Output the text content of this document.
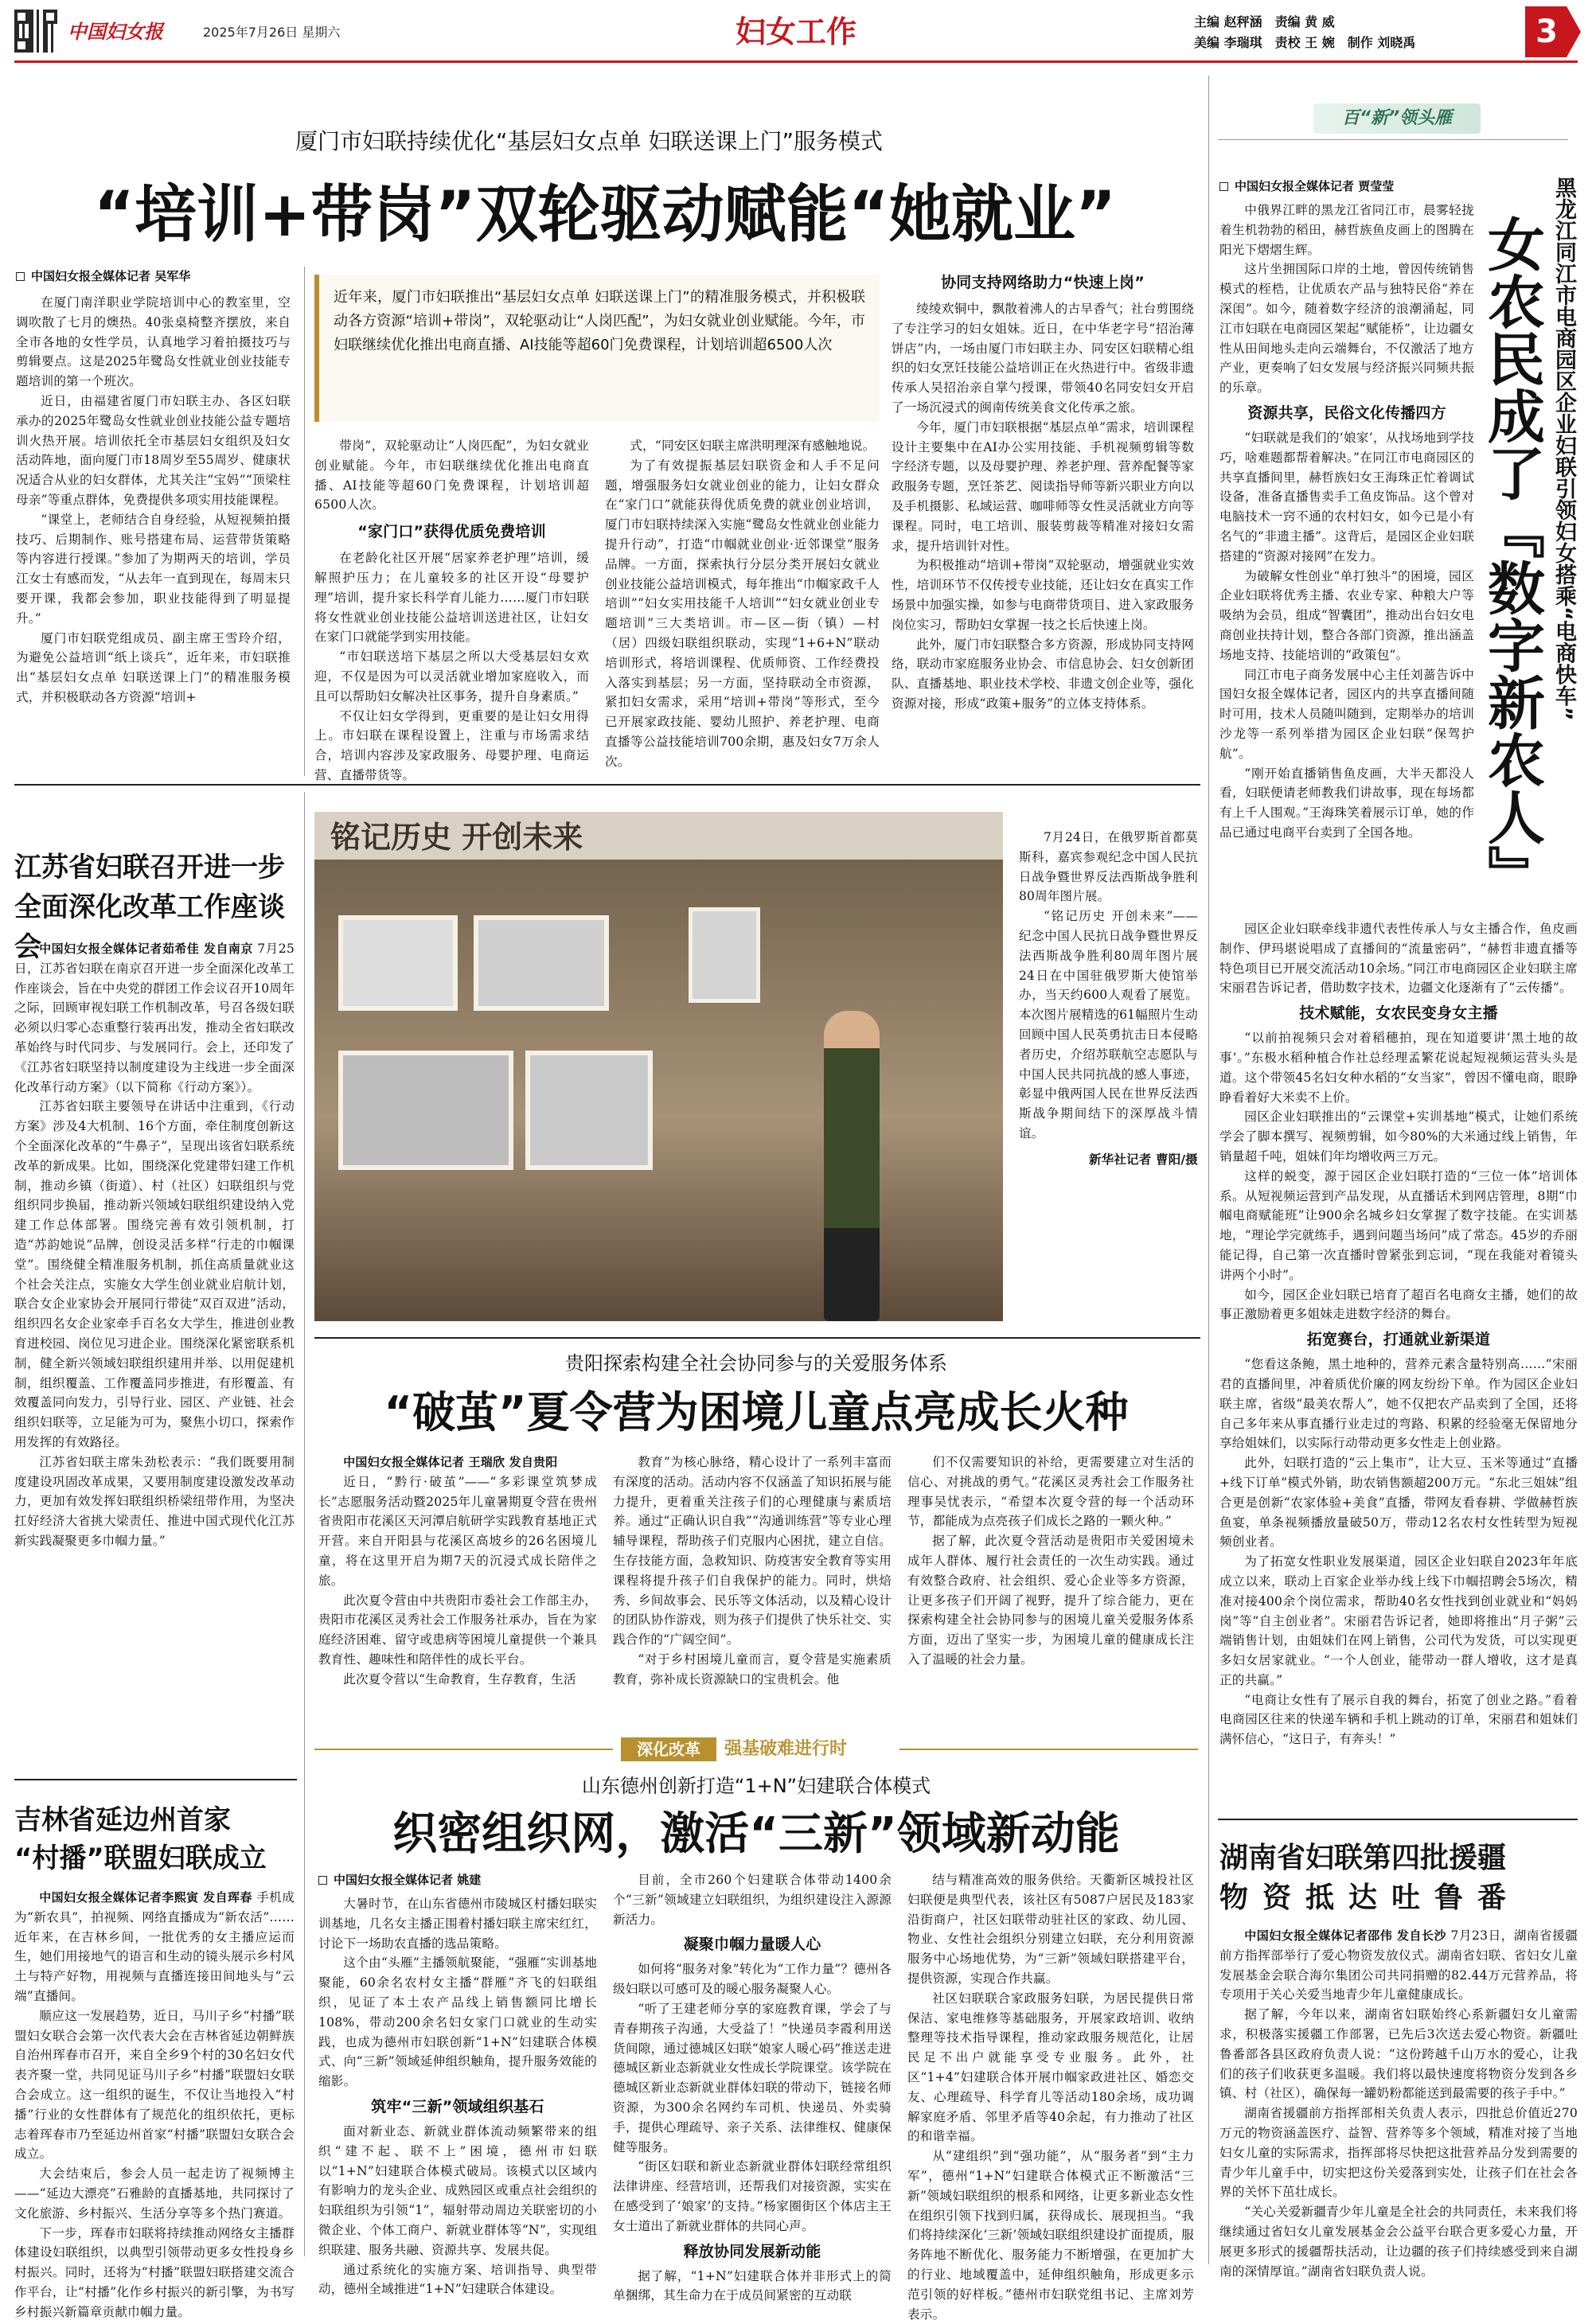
中国妇女报	2025年7月26日 星期六	妇女工作	主编 赵秤涵　责编 黄 威
美编 李瑞琪　责校 王 婉　制作 刘晓禹	3
厦门市妇联持续优化“基层妇女点单 妇联送课上门”服务模式
“培训+带岗”双轮驱动赋能“她就业”
中国妇女报全媒体记者 吴军华

在厦门南洋职业学院培训中心的教室里，空调吹散了七月的燠热。40张桌椅整齐摆放，来自全市各地的女性学员，认真地学习着拍摄技巧与剪辑要点。这是2025年鹭岛女性就业创业技能专题培训的第一个班次。

近日，由福建省厦门市妇联主办、各区妇联承办的2025年鹭岛女性就业创业技能公益专题培训火热开展。培训依托全市基层妇女组织及妇女活动阵地，面向厦门市18周岁至55周岁、健康状况适合从业的妇女群体，尤其关注“宝妈”“顶梁柱母亲”等重点群体，免费提供多项实用技能课程。

“课堂上，老师结合自身经验，从短视频拍摄技巧、后期制作、账号搭建布局、运营带货策略等内容进行授课。”参加了为期两天的培训，学员江女士有感而发，“从去年一直到现在，每周末只要开课，我都会参加，职业技能得到了明显提升。”

厦门市妇联党组成员、副主席王雪玲介绍，为避免公益培训“纸上谈兵”，近年来，市妇联推出“基层妇女点单 妇联送课上门”的精准服务模式，并积极联动各方资源“培训+

近年来，厦门市妇联推出“基层妇女点单 妇联送课上门”的精准服务模式，并积极联动各方资源“培训+带岗”，双轮驱动让“人岗匹配”，为妇女就业创业赋能。今年，市妇联继续优化推出电商直播、AI技能等超60门免费课程，计划培训超6500人次

带岗”，双轮驱动让“人岗匹配”，为妇女就业创业赋能。今年，市妇联继续优化推出电商直播、AI技能等超60门免费课程，计划培训超6500人次。

“家门口”获得优质免费培训

在老龄化社区开展“居家养老护理”培训，缓解照护压力；在儿童较多的社区开设“母婴护理”培训，提升家长科学育儿能力……厦门市妇联将女性就业创业技能公益培训送进社区，让妇女在家门口就能学到实用技能。

“市妇联送培下基层之所以大受基层妇女欢迎，不仅是因为可以灵活就业增加家庭收入，而且可以帮助妇女解决社区事务，提升自身素质。”

不仅让妇女学得到，更重要的是让妇女用得上。市妇联在课程设置上，注重与市场需求结合，培训内容涉及家政服务、母婴护理、电商运营、直播带货等。

式，“同安区妇联主席洪明理深有感触地说。

为了有效提振基层妇联资金和人手不足问题，增强服务妇女就业创业的能力，让妇女群众在“家门口”就能获得优质免费的就业创业培训，厦门市妇联持续深入实施“鹭岛女性就业创业能力提升行动”，打造“巾帼就业创业·近邻课堂”服务品牌。一方面，探索执行分层分类开展妇女就业创业技能公益培训模式，每年推出“巾帼家政千人培训”“妇女实用技能千人培训”“妇女就业创业专题培训”三大类培训。市—区—街（镇）—村（居）四级妇联组织联动，实现“1+6+N”联动培训形式，将培训课程、优质师资、工作经费投入落实到基层；另一方面，坚持联动全市资源，紧扣妇女需求，采用“培训+带岗”等形式，至今已开展家政技能、婴幼儿照护、养老护理、电商直播等公益技能培训700余期，惠及妇女7万余人次。

协同支持网络助力“快速上岗”

绫绫欢铜中，飘散着沸人的古早香气；社台剪围绕了专注学习的妇女姐妹。近日，在中华老字号“招治薄饼店”内，一场由厦门市妇联主办、同安区妇联精心组织的妇女烹饪技能公益培训正在火热进行中。省级非遗传承人吴招治亲自掌勺授课，带领40名同安妇女开启了一场沉浸式的闽南传统美食文化传承之旅。

今年，厦门市妇联根据“基层点单”需求，培训课程设计主要集中在AI办公实用技能、手机视频剪辑等数字经济专题，以及母婴护理、养老护理、营养配餐等家政服务专题，烹饪茶艺、阅读指导师等新兴职业方向以及手机摄影、私域运营、咖啡师等女性灵活就业方向等课程。同时，电工培训、服装剪裁等精准对接妇女需求，提升培训针对性。

为积极推动“培训+带岗”双轮驱动，增强就业实效性，培训环节不仅传授专业技能，还让妇女在真实工作场景中加强实操，如参与电商带货项目、进入家政服务岗位实习，帮助妇女掌握一技之长后快速上岗。

此外，厦门市妇联整合多方资源，形成协同支持网络，联动市家庭服务业协会、市信息协会、妇女创新团队、直播基地、职业技术学校、非遗文创企业等，强化资源对接，形成“政策+服务”的立体支持体系。

江苏省妇联召开进一步
全面深化改革工作座谈会

中国妇女报全媒体记者茹希佳 发自南京 7月25日，江苏省妇联在南京召开进一步全面深化改革工作座谈会，旨在中央党的群团工作会议召开10周年之际，回顾审视妇联工作机制改革，号召各级妇联必须以归零心态重整行装再出发，推动全省妇联改革始终与时代同步、与发展同行。会上，还印发了《江苏省妇联坚持以制度建设为主线进一步全面深化改革行动方案》（以下简称《行动方案》）。

江苏省妇联主要领导在讲话中注重到，《行动方案》涉及4大机制、16个方面，牵住制度创新这个全面深化改革的“牛鼻子”，呈现出该省妇联系统改革的新成果。比如，围绕深化党建带妇建工作机制，推动乡镇（街道）、村（社区）妇联组织与党组织同步换届，推动新兴领域妇联组织建设纳入党建工作总体部署。围绕完善有效引领机制，打造“苏韵她说”品牌，创设灵活多样“行走的巾帼课堂”。围绕健全精准服务机制，抓住高质量就业这个社会关注点，实施女大学生创业就业启航计划，联合女企业家协会开展同行带徒“双百双进”活动，组织四名女企业家牵手百名女大学生，推进创业教育进校园、岗位见习进企业。围绕深化紧密联系机制，健全新兴领域妇联组织建用并举、以用促建机制，组织覆盖、工作覆盖同步推进，有形覆盖、有效覆盖同向发力，引导行业、园区、产业链、社会组织妇联等，立足能为可为，聚焦小切口，探索作用发挥的有效路径。

江苏省妇联主席朱劲松表示：“我们既要用制度建设巩固改革成果，又要用制度建设激发改革动力，更加有效发挥妇联组织桥梁纽带作用，为坚决扛好经济大省挑大梁责任、推进中国式现代化江苏新实践凝聚更多巾帼力量。”

吉林省延边州首家
“村播”联盟妇联成立

中国妇女报全媒体记者李熙寅 发自珲春 手机成为“新农具”，拍视频、网络直播成为“新农活”……近年来，在吉林乡间，一批优秀的女主播应运而生，她们用接地气的语言和生动的镜头展示乡村风土与特产好物，用视频与直播连接田间地头与“云端”直播间。

顺应这一发展趋势，近日，马川子乡“村播”联盟妇女联合会第一次代表大会在吉林省延边朝鲜族自治州珲春市召开，来自全乡9个村的30名妇女代表齐聚一堂，共同见证马川子乡“村播”联盟妇女联合会成立。这一组织的诞生，不仅让当地投入“村播”行业的女性群体有了规范化的组织依托，更标志着珲春市乃至延边州首家“村播”联盟妇女联合会成立。

大会结束后，参会人员一起走访了视频博主——“延边大漂亮”石雅龄的直播基地，共同探讨了文化旅游、乡村振兴、生活分享等多个热门赛道。

下一步，珲春市妇联将持续推动网络女主播群体建设妇联组织，以典型引领带动更多女性投身乡村振兴。同时，还将为“村播”联盟妇联搭建交流合作平台，让“村播”化作乡村振兴的新引擎，为书写乡村振兴新篇章贡献巾帼力量。

铭记历史 开创未来	7月24日，在俄罗斯首都莫斯科，嘉宾参观纪念中国人民抗日战争暨世界反法西斯战争胜利80周年图片展。

“铭记历史 开创未来”——纪念中国人民抗日战争暨世界反法西斯战争胜利80周年图片展24日在中国驻俄罗斯大使馆举办，当天约600人观看了展览。本次图片展精选的61幅照片生动回顾中国人民英勇抗击日本侵略者历史，介绍苏联航空志愿队与中国人民共同抗战的感人事迹，彰显中俄两国人民在世界反法西斯战争期间结下的深厚战斗情谊。

新华社记者 曹阳/摄

贵阳探索构建全社会协同参与的关爱服务体系
“破茧”夏令营为困境儿童点亮成长火种

中国妇女报全媒体记者 王瑞欣 发自贵阳

近日，“黔行·破茧”——“多彩课堂筑梦成长”志愿服务活动暨2025年儿童暑期夏令营在贵州省贵阳市花溪区天河潭启航研学实践教育基地正式开营。来自开阳县与花溪区高坡乡的26名困境儿童，将在这里开启为期7天的沉浸式成长陪伴之旅。

此次夏令营由中共贵阳市委社会工作部主办，贵阳市花溪区灵秀社会工作服务社承办，旨在为家庭经济困难、留守或患病等困境儿童提供一个兼具教育性、趣味性和陪伴性的成长平台。

此次夏令营以“生命教育，生存教育，生活

教育”为核心脉络，精心设计了一系列丰富而有深度的活动。活动内容不仅涵盖了知识拓展与能力提升，更着重关注孩子们的心理健康与素质培养。通过“正确认识自我”“沟通训练营”等专业心理辅导课程，帮助孩子们克服内心困扰，建立自信。生存技能方面，急救知识、防疫害安全教育等实用课程将提升孩子们自我保护的能力。同时，烘焙秀、乡间故事会、民乐等文体活动，以及精心设计的团队协作游戏，则为孩子们提供了快乐社交、实践合作的“广阔空间”。

“对于乡村困境儿童而言，夏令营是实施素质教育，弥补成长资源缺口的宝贵机会。他

们不仅需要知识的补给，更需要建立对生活的信心、对挑战的勇气。”花溪区灵秀社会工作服务社理事吴忧表示，“希望本次夏令营的每一个活动环节，都能成为点亮孩子们成长之路的一颗火种。”

据了解，此次夏令营活动是贵阳市关爱困境未成年人群体、履行社会责任的一次生动实践。通过有效整合政府、社会组织、爱心企业等多方资源，让更多孩子们开阔了视野，提升了综合能力，更在探索构建全社会协同参与的困境儿童关爱服务体系方面，迈出了坚实一步，为困境儿童的健康成长注入了温暖的社会力量。

深化改革	强基破难进行时
山东德州创新打造“1+N”妇建联合体模式
织密组织网，激活“三新”领域新动能
中国妇女报全媒体记者 姚建

大暑时节，在山东省德州市陵城区村播妇联实训基地，几名女主播正围着村播妇联主席宋红红，讨论下一场助农直播的选品策略。

这个由“头雁”主播领航聚能，“强雁”实训基地聚能，60余名农村女主播“群雁”齐飞的妇联组织，见证了本土农产品线上销售额同比增长108%，带动200余名妇女家门口就业的生动实践，也成为德州市妇联创新“1+N”妇建联合体模式、向“三新”领域延伸组织触角，提升服务效能的缩影。

筑牢“三新”领域组织基石

面对新业态、新就业群体流动频繁带来的组织“建不起、联不上”困境，德州市妇联以“1+N”妇建联合体模式破局。该模式以区域内有影响力的龙头企业、成熟园区或重点社会组织的妇联组织为引领“1”，辐射带动周边关联密切的小微企业、个体工商户、新就业群体等“N”，实现组织联建、服务共融、资源共享、发展共促。

通过系统化的实施方案、培训指导、典型带动，德州全域推进“1+N”妇建联合体建设。

目前，全市260个妇建联合体带动1400余个“三新”领域建立妇联组织，为组织建设注入源源新活力。

凝聚巾帼力量暖人心

如何将“服务对象”转化为“工作力量”？德州各级妇联以可感可及的暖心服务凝聚人心。

“听了王建老师分享的家庭教育课，学会了与青春期孩子沟通，大受益了！”快递员李霞利用送货间隙，通过德城区妇联“娘家人暖心码”推送走进德城区新业态新就业女性成长学院课堂。该学院在德城区新业态新就业群体妇联的带动下，链接名师资源，为300余名网约车司机、快递员、外卖骑手，提供心理疏导、亲子关系、法律维权、健康保健等服务。

“街区妇联和新业态新就业群体妇联经常组织法律讲座、经营培训，还帮我们对接资源，实实在在感受到了‘娘家’的支持。”杨家圈街区个体店主王女士道出了新就业群体的共同心声。

释放协同发展新动能

据了解，“1+N”妇建联合体并非形式上的简单捆绑，其生命力在于成员间紧密的互动联

结与精准高效的服务供给。天衢新区城投社区妇联便是典型代表，该社区有5087户居民及183家沿街商户，社区妇联带动驻社区的家政、幼儿园、物业、女性社会组织分别建立妇联，充分利用资源服务中心场地优势，为“三新”领域妇联搭建平台，提供资源，实现合作共赢。

社区妇联联合家政服务妇联，为居民提供日常保洁、家电维修等基础服务，开展家政培训、收纳整理等技术指导课程，推动家政服务规范化，让居民足不出户就能享受专业服务。此外，社区“1+4”妇建联合体开展巾帼家政进社区、婚恋交友、心理疏导、科学育儿等活动180余场，成功调解家庭矛盾、邻里矛盾等40余起，有力推动了社区的和谐幸福。

从“建组织”到“强功能”，从“服务者”到“主力军”，德州“1+N”妇建联合体模式正不断激活“三新”领域妇联组织的根系和网络，让更多新业态女性在组织引领下找到归属，获得成长、展现担当。“我们将持续深化‘三新’领域妇联组织建设扩面提质，服务阵地不断优化、服务能力不断增强，在更加扩大的行业、地域覆盖中，延伸组织触角，形成更多示范引领的好样板。”德州市妇联党组书记、主席刘芳表示。

百“新”领头雁
中国妇女报全媒体记者 贾莹莹	黑龙江同江市电商园区企业妇联引领妇女搭乘“电商快车”
女农民成了『数字新农人』

中俄界江畔的黑龙江省同江市，晨雾轻拢着生机勃勃的稻田，赫哲族鱼皮画上的图腾在阳光下熠熠生辉。

这片坐拥国际口岸的土地，曾因传统销售模式的桎梏，让优质农产品与独特民俗“养在深闺”。如今，随着数字经济的浪潮涌起，同江市妇联在电商园区架起“赋能桥”，让边疆女性从田间地头走向云端舞台，不仅激活了地方产业，更奏响了妇女发展与经济振兴同频共振的乐章。

资源共享，民俗文化传播四方

“妇联就是我们的‘娘家’，从找场地到学技巧，啥难题都帮着解决。”在同江市电商园区的共享直播间里，赫哲族妇女王海珠正忙着调试设备，准备直播售卖手工鱼皮饰品。这个曾对电脑技术一窍不通的农村妇女，如今已是小有名气的“非遗主播”。这背后，是园区企业妇联搭建的“资源对接网”在发力。

为破解女性创业“单打独斗”的困境，园区企业妇联将优秀主播、农业专家、种粮大户等吸纳为会员，组成“智囊团”，推动出台妇女电商创业扶持计划，整合各部门资源，推出涵盖场地支持、技能培训的“政策包”。

同江市电子商务发展中心主任刘蔷告诉中国妇女报全媒体记者，园区内的共享直播间随时可用，技术人员随叫随到，定期举办的培训沙龙等一系列举措为园区企业妇联“保驾护航”。

“刚开始直播销售鱼皮画，大半天都没人看，妇联便请老师教我们讲故事，现在每场都有上千人围观。”王海珠笑着展示订单，她的作品已通过电商平台卖到了全国各地。

园区企业妇联牵线非遗代表性传承人与女主播合作，鱼皮画制作、伊玛堪说唱成了直播间的“流量密码”，“赫哲非遗直播等特色项目已开展交流活动10余场。”同江市电商园区企业妇联主席宋丽君告诉记者，借助数字技术，边疆文化逐渐有了“云传播”。

技术赋能，女农民变身女主播

“以前拍视频只会对着稻穗拍，现在知道要讲‘黑土地的故事’。”东极水稻种植合作社总经理孟繁花说起短视频运营头头是道。这个带领45名妇女种水稻的“女当家”，曾因不懂电商，眼睁睁看着好大米卖不上价。

园区企业妇联推出的“云课堂+实训基地”模式，让她们系统学会了脚本撰写、视频剪辑，如今80%的大米通过线上销售，年销量超千吨，姐妹们年均增收两三万元。

这样的蜕变，源于园区企业妇联打造的“三位一体”培训体系。从短视频运营到产品发现，从直播话术到网店管理，8期“巾帼电商赋能班”让900余名城乡妇女掌握了数字技能。在实训基地，“理论学完就练手，遇到问题当场问”成了常态。45岁的乔丽能记得，自己第一次直播时曾紧张到忘词，“现在我能对着镜头讲两个小时”。

如今，园区企业妇联已培育了超百名电商女主播，她们的故事正激励着更多姐妹走进数字经济的舞台。

拓宽赛台，打通就业新渠道

“您看这条鲍，黑土地种的，营养元素含量特别高……”宋丽君的直播间里，冲着质优价廉的网友纷纷下单。作为园区企业妇联主席，省级“最美农帮人”，她不仅把农产品卖到了全国，还将自己多年来从事直播行业走过的弯路、积累的经验毫无保留地分享给姐妹们，以实际行动带动更多女性走上创业路。

此外，妇联打造的“云上集市”，让大豆、玉米等通过“直播+线下订单”模式外销，助农销售额超200万元。“东北三姐妹”组合更是创新“农家体验+美食”直播，带网友看春耕、学做赫哲族鱼宴，单条视频播放量破50万，带动12名农村女性转型为短视频创业者。

为了拓宽女性职业发展渠道，园区企业妇联自2023年年底成立以来，联动上百家企业举办线上线下巾帼招聘会5场次，精准对接400余个岗位需求，帮助40名女性找到创业就业和“妈妈岗”等“自主创业者”。宋丽君告诉记者，她即将推出“月子粥”云端销售计划，由姐妹们在网上销售，公司代为发货，可以实现更多妇女居家就业。“一个人创业，能带动一群人增收，这才是真正的共赢。”

“电商让女性有了展示自我的舞台，拓宽了创业之路。”看着电商园区往来的快递车辆和手机上跳动的订单，宋丽君和姐妹们满怀信心，“这日子，有奔头！”

湖南省妇联第四批援疆
物资抵达吐鲁番

中国妇女报全媒体记者邵伟 发自长沙 7月23日，湖南省援疆前方指挥部举行了爱心物资发放仪式。湖南省妇联、省妇女儿童发展基金会联合海尔集团公司共同捐赠的82.44万元营养品，将专项用于关心关爱当地青少年儿童健康成长。

据了解，今年以来，湖南省妇联始终心系新疆妇女儿童需求，积极落实援疆工作部署，已先后3次送去爱心物资。新疆吐鲁番部各县区政府负责人说：“这份跨越千山万水的爱心，让我们的孩子们收获更多温暖。我们将以最快速度将物资分发到各乡镇、村（社区），确保每一罐奶粉都能送到最需要的孩子手中。”

湖南省援疆前方指挥部相关负责人表示，四批总价值近270万元的物资涵盖医疗、益智、营养等多个领域，精准对接了当地妇女儿童的实际需求，指挥部将尽快把这批营养品分发到需要的青少年儿童手中，切实把这份关爱落到实处，让孩子们在社会各界的关怀下茁壮成长。

“关心关爱新疆青少年儿童是全社会的共同责任，未来我们将继续通过省妇女儿童发展基金会公益平台联合更多爱心力量，开展更多形式的援疆帮扶活动，让边疆的孩子们持续感受到来自湖南的深情厚谊。”湖南省妇联负责人说。
